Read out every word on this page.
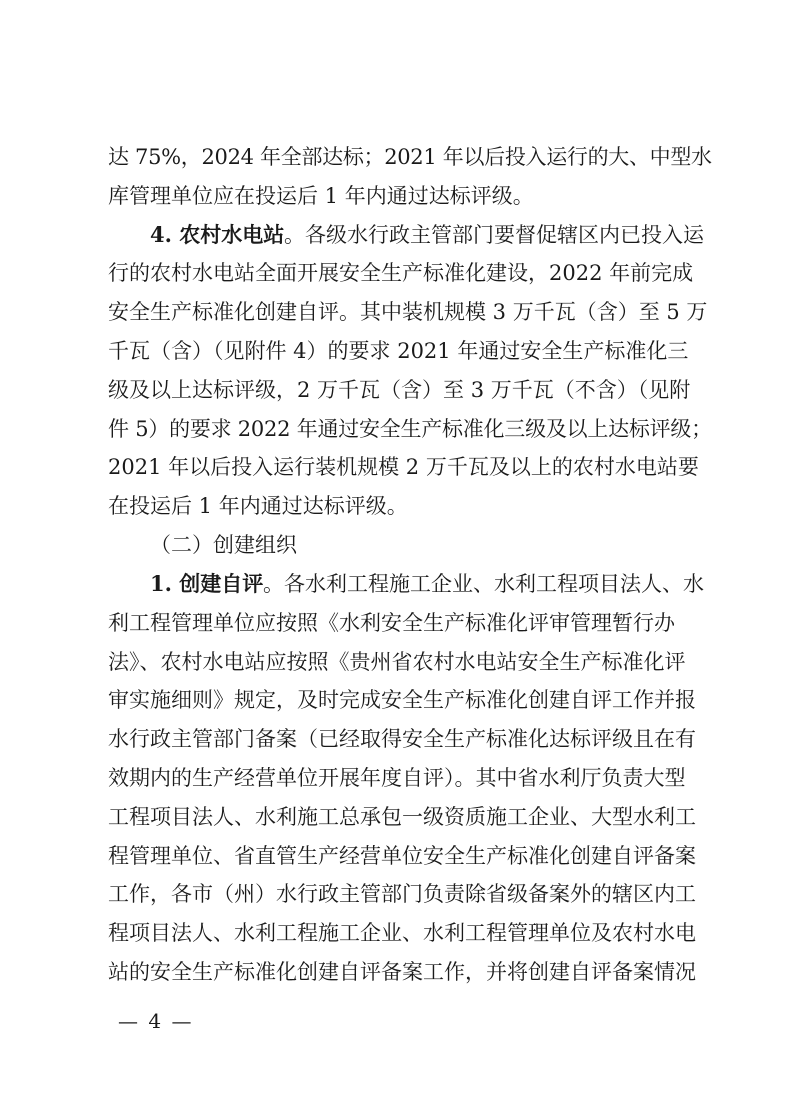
达 75%，2024 年全部达标；2021 年以后投入运行的大、中型水
库管理单位应在投运后 1 年内通过达标评级。
4. 农村水电站 。各级水行政主管部门要督促辖区内已投入运
行的农村水电站全面开展安全生产标准化建设，2022 年前完成
安全生产标准化创建自评。其中装机规模 3 万千瓦（含）至 5 万
千瓦（含）（见附件 4）的要求 2021 年通过安全生产标准化三
级及以上达标评级，2 万千瓦（含）至 3 万千瓦（不含）（见附
件 5）的要求 2022 年通过安全生产标准化三级及以上达标评级；
2021 年以后投入运行装机规模 2 万千瓦及以上的农村水电站要
在投运后 1 年内通过达标评级。
（二）创建组织
1. 创建自评 。各水利工程施工企业、水利工程项目法人、水
利工程管理单位应按照《水利安全生产标准化评审管理暂行办
法》、农村水电站应按照《贵州省农村水电站安全生产标准化评
审实施细则》规定，及时完成安全生产标准化创建自评工作并报
水行政主管部门备案（已经取得安全生产标准化达标评级且在有
效期内的生产经营单位开展年度自评）。其中省水利厅负责大型
工程项目法人、水利施工总承包一级资质施工企业、大型水利工
程管理单位、省直管生产经营单位安全生产标准化创建自评备案
工作，各市（州）水行政主管部门负责除省级备案外的辖区内工
程项目法人、水利工程施工企业、水利工程管理单位及农村水电
站的安全生产标准化创建自评备案工作，并将创建自评备案情况
— 4 —
